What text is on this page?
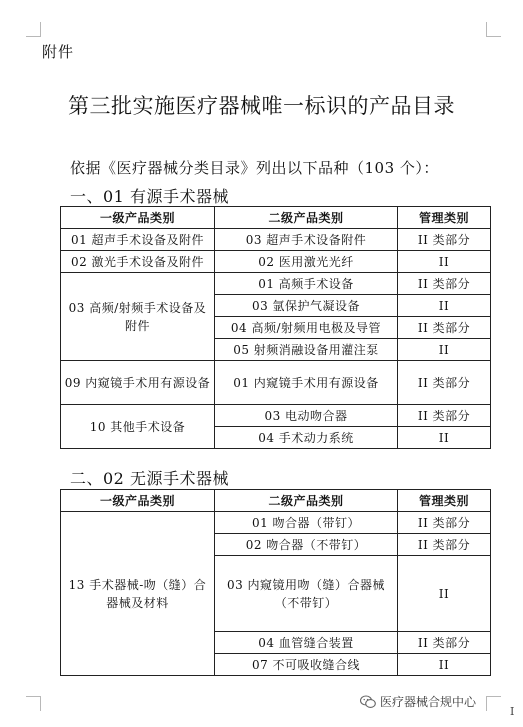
附件
第三批实施医疗器械唯一标识的产品目录
依据《医疗器械分类目录》列出以下品种（103 个）：
一、01 有源手术器械
一级产品类别	二级产品类别	管理类别
01 超声手术设备及附件	03 超声手术设备附件	II 类部分
02 激光手术设备及附件	02 医用激光光纤	II
03 高频/射频手术设备及附件	01 高频手术设备	II 类部分
	03 氩保护气凝设备	II
	04 高频/射频用电极及导管	II 类部分
	05 射频消融设备用灌注泵	II
09 内窥镜手术用有源设备	01 内窥镜手术用有源设备	II 类部分
10 其他手术设备	03 电动吻合器	II 类部分
	04 手术动力系统	II
二、02 无源手术器械
一级产品类别	二级产品类别	管理类别
13 手术器械-吻（缝）合器械及材料	01 吻合器（带钉）	II 类部分
	02 吻合器（不带钉）	II 类部分
	03 内窥镜用吻（缝）合器械（不带钉）	II
	04 血管缝合装置	II 类部分
	07 不可吸收缝合线	II
医疗器械合规中心
I
